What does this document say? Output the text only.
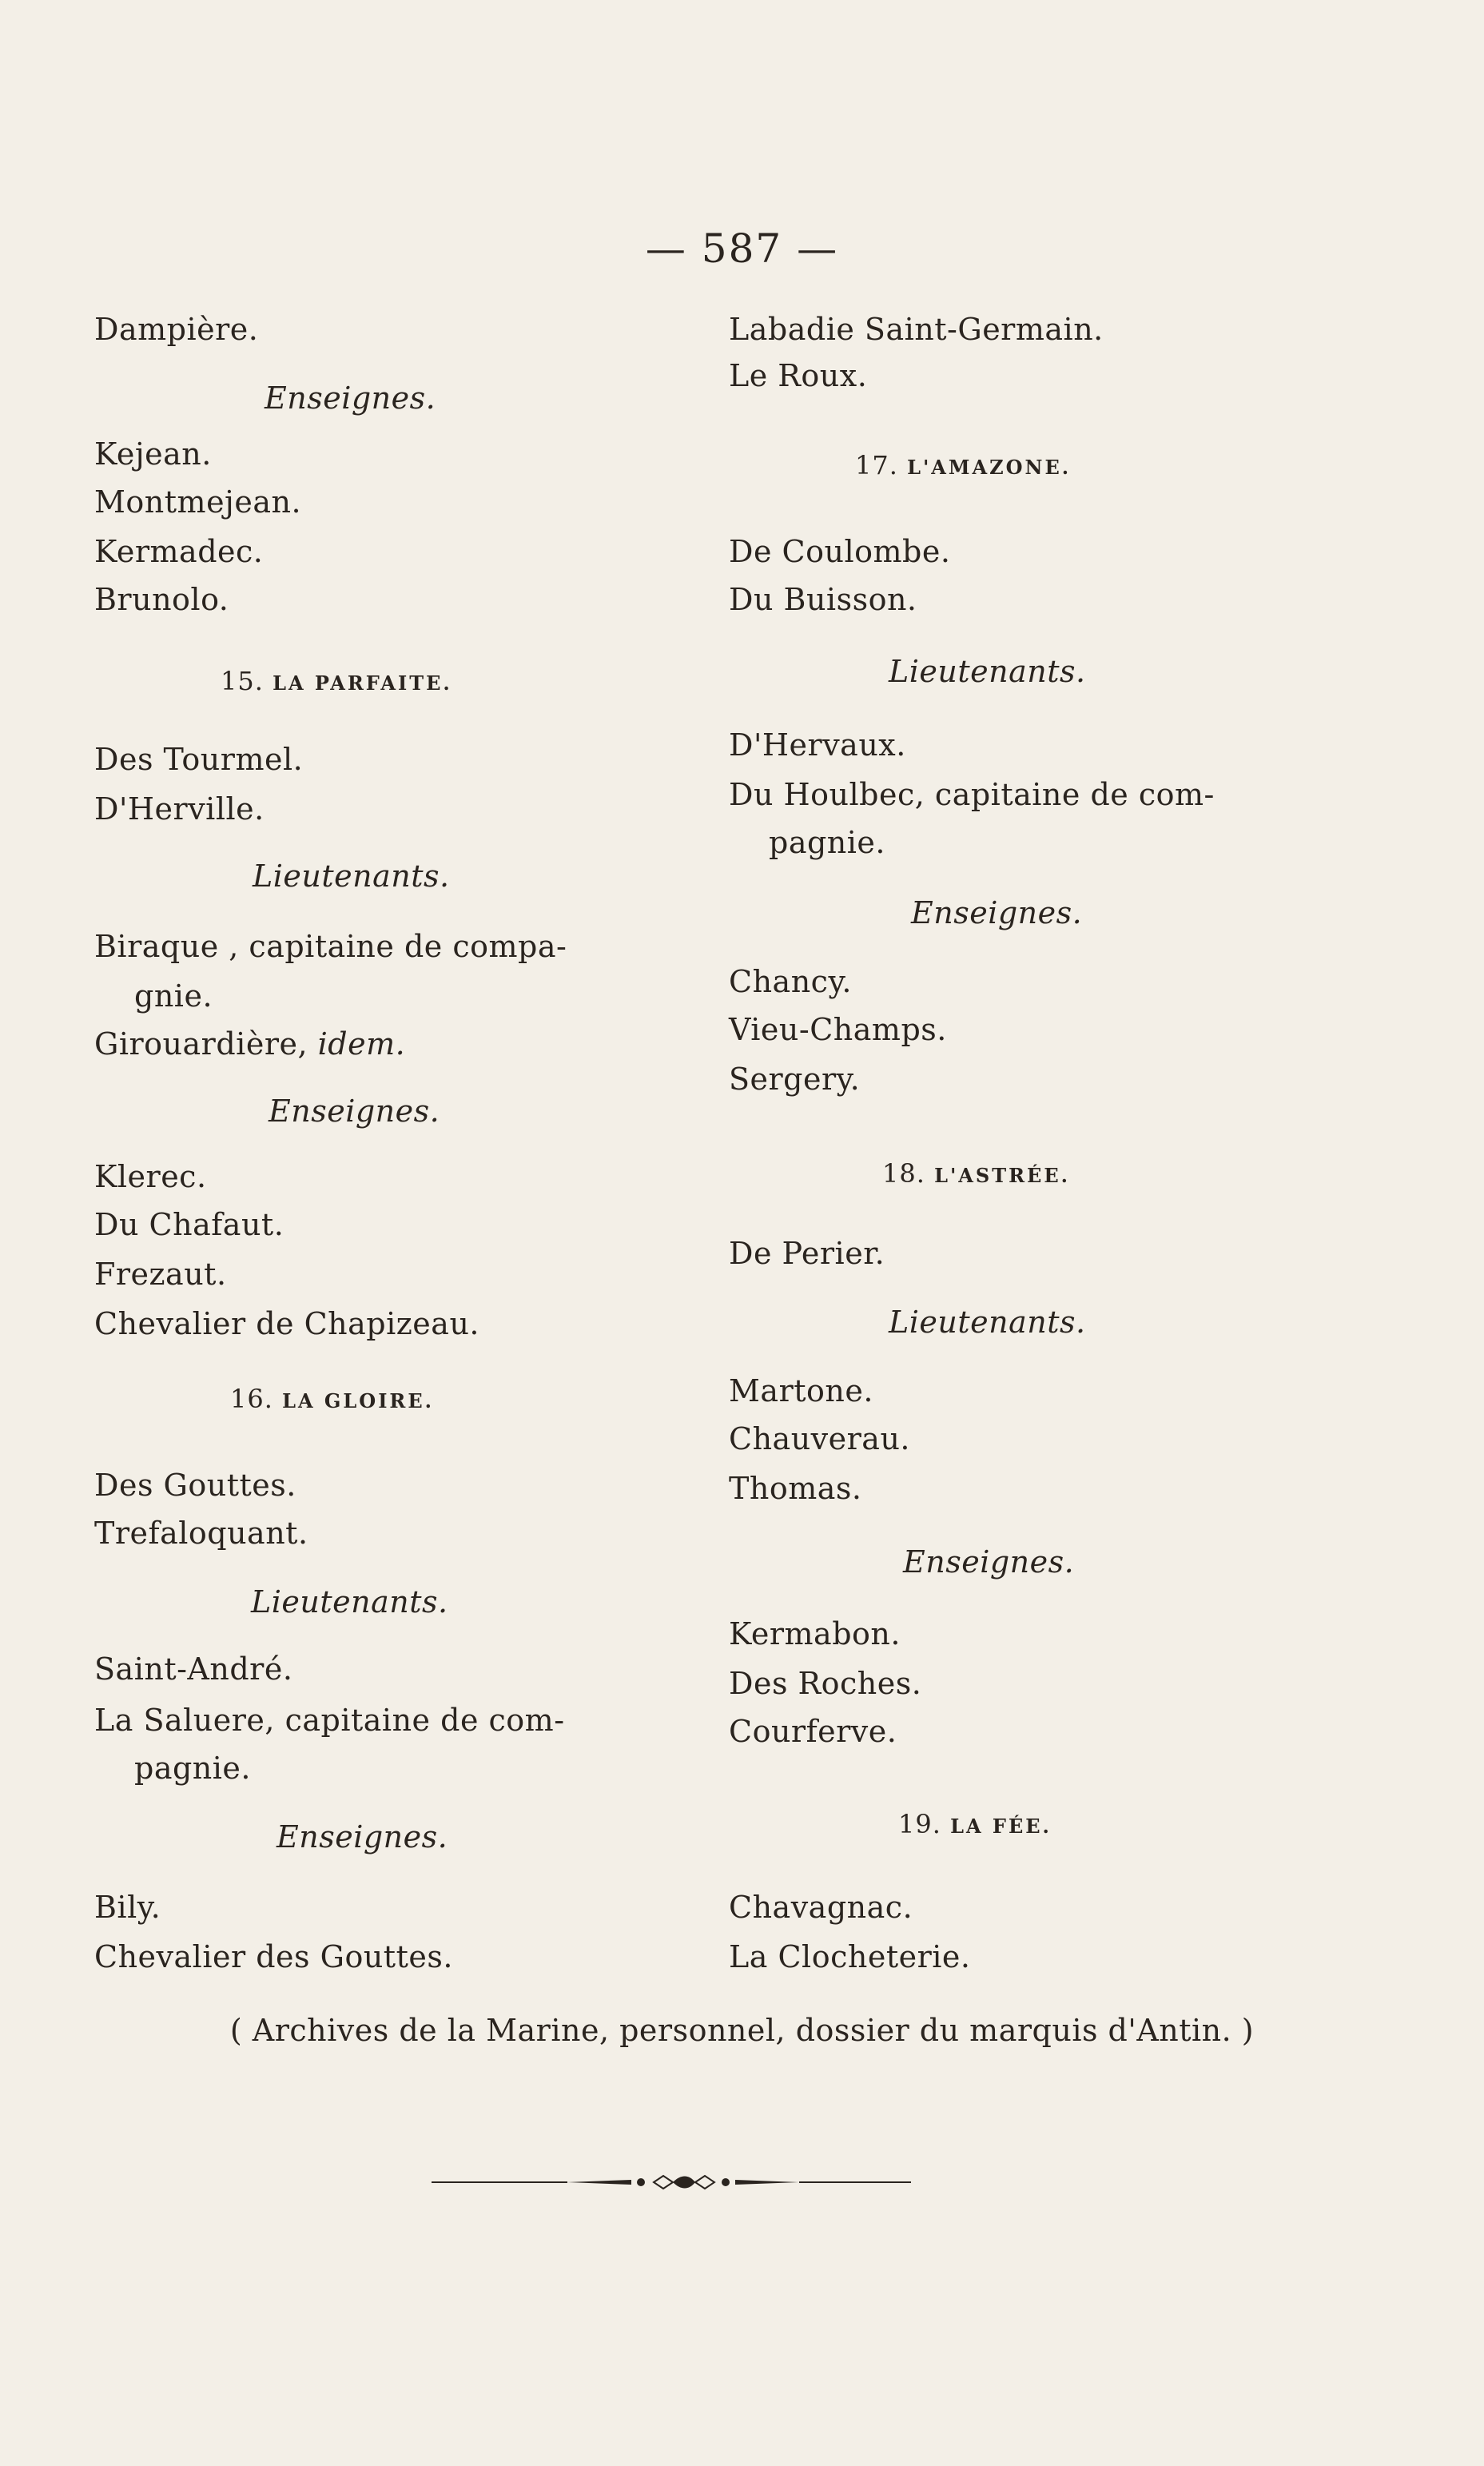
— 587 —
Dampière.
Enseignes.
Kejean.
Montmejean.
Kermadec.
Brunolo.
15. LA PARFAITE.
Des Tourmel.
D'Herville.
Lieutenants.
Biraque , capitaine de compa-
gnie.
Girouardière, idem.
Enseignes.
Klerec.
Du Chafaut.
Frezaut.
Chevalier de Chapizeau.
16. LA GLOIRE.
Des Gouttes.
Trefaloquant.
Lieutenants.
Saint-André.
La Saluere, capitaine de com-
pagnie.
Enseignes.
Bily.
Chevalier des Gouttes.
Labadie Saint-Germain.
Le Roux.
17. L'AMAZONE.
De Coulombe.
Du Buisson.
Lieutenants.
D'Hervaux.
Du Houlbec, capitaine de com-
pagnie.
Enseignes.
Chancy.
Vieu-Champs.
Sergery.
18. L'ASTRÉE.
De Perier.
Lieutenants.
Martone.
Chauverau.
Thomas.
Enseignes.
Kermabon.
Des Roches.
Courferve.
19. LA FÉE.
Chavagnac.
La Clocheterie.
( Archives de la Marine, personnel, dossier du marquis d'Antin. )
